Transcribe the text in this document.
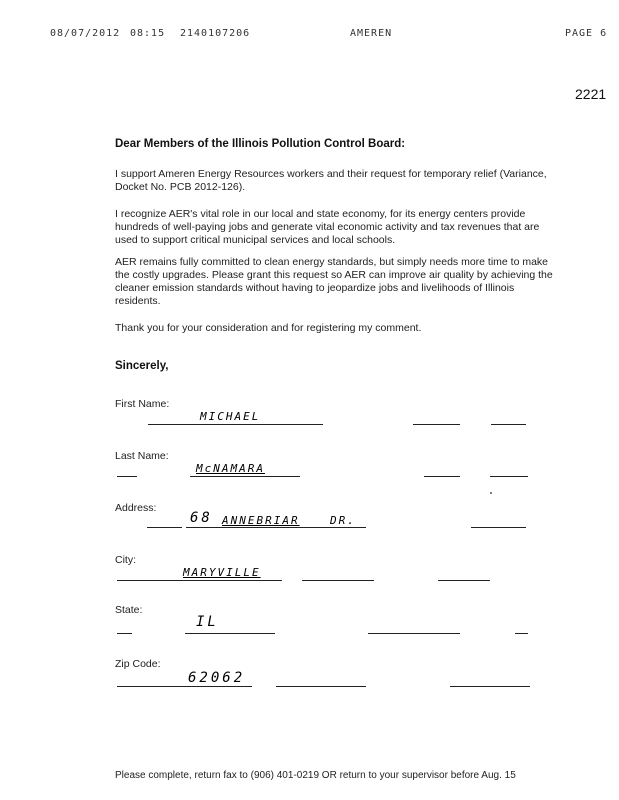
08/07/2012 08:15 2140107206	AMEREN	PAGE 6
2221
Dear Members of the Illinois Pollution Control Board:
I support Ameren Energy Resources workers and their request for temporary relief (Variance, Docket No. PCB 2012-126).
I recognize AER's vital role in our local and state economy, for its energy centers provide hundreds of well-paying jobs and generate vital economic activity and tax revenues that are used to support critical municipal services and local schools.
AER remains fully committed to clean energy standards, but simply needs more time to make the costly upgrades. Please grant this request so AER can improve air quality by achieving the cleaner emission standards without having to jeopardize jobs and livelihoods of Illinois residents.
Thank you for your consideration and for registering my comment.
Sincerely,
First Name:
MICHAEL
Last Name:
McNAMARA
Address:
68 ANNEBRIAR	DR.
City:
MARYVILLE
State:
IL
Zip Code:
62062
Please complete, return fax to (906) 401-0219 OR return to your supervisor before Aug. 15
